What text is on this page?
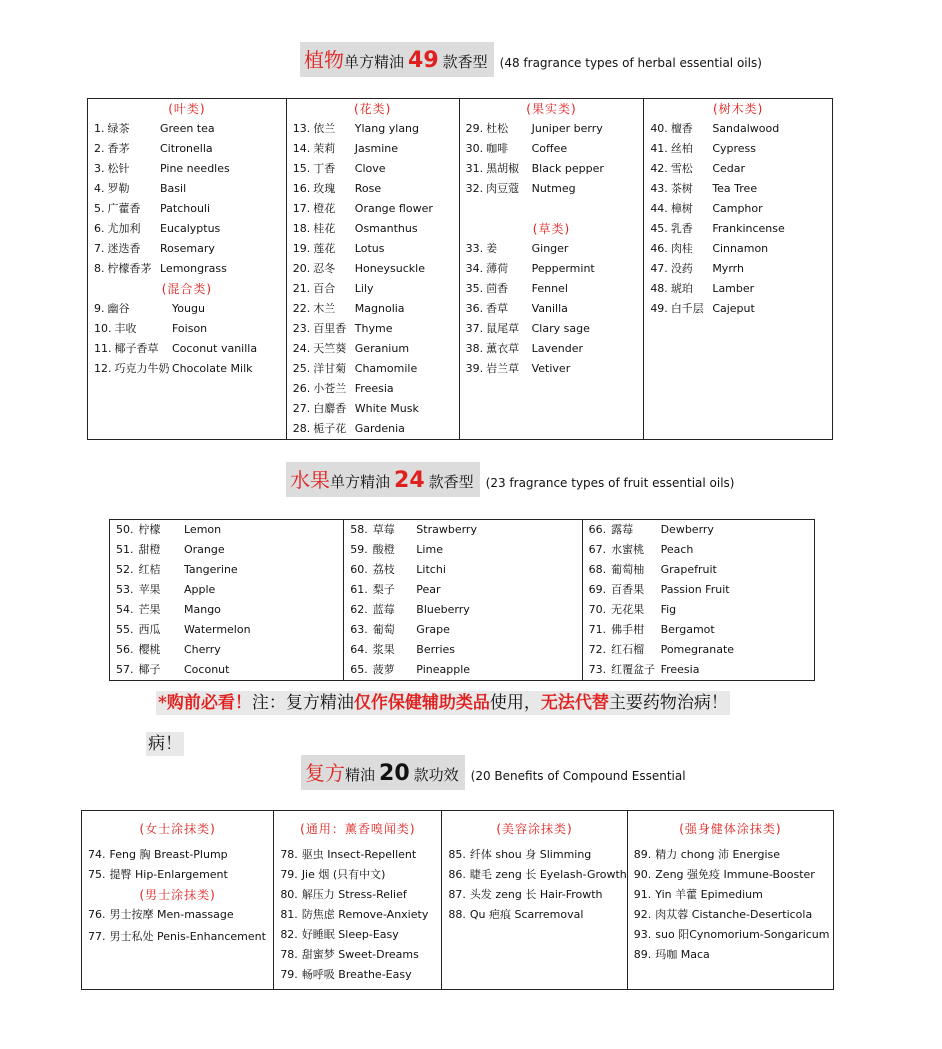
植物单方精油 49 款香型	(48 fragrance types of herbal essential oils)
(叶类)
1. 绿茶	Green tea
2. 香茅	Citronella
3. 松针	Pine needles
4. 罗勒	Basil
5. 广藿香 Patchouli
6. 尤加利 Eucalyptus
7. 迷迭香 Rosemary
8. 柠檬香茅 Lemongrass
(混合类)
9. 幽谷	Yougu
10. 丰收	Foison
11. 椰子香草 Coconut vanilla
12. 巧克力牛奶 Chocolate Milk

(花类)
13. 依兰 Ylang ylang
14. 茉莉 Jasmine
15. 丁香 Clove
16. 玫瑰 Rose
17. 橙花 Orange flower
18. 桂花 Osmanthus
19. 莲花 Lotus
20. 忍冬 Honeysuckle
21. 百合 Lily
22. 木兰 Magnolia
23. 百里香 Thyme
24. 天竺葵 Geranium
25. 洋甘菊 Chamomile
26. 小苍兰 Freesia
27. 白麝香 White Musk
28. 栀子花 Gardenia

(果实类)
29. 杜松 Juniper berry
30. 咖啡 Coffee
31. 黑胡椒 Black pepper
32. 肉豆蔻 Nutmeg
(草类)
33. 姜	Ginger
34. 薄荷 Peppermint
35. 茴香 Fennel
36. 香草 Vanilla
37. 鼠尾草 Clary sage
38. 薰衣草 Lavender
39. 岩兰草 Vetiver

(树木类)
40. 檀香 Sandalwood
41. 丝柏 Cypress
42. 雪松 Cedar
43. 茶树 Tea Tree
44. 樟树 Camphor
45. 乳香 Frankincense
46. 肉桂 Cinnamon
47. 没药 Myrrh
48. 琥珀 Lamber
49. 白千层 Cajeput
水果单方精油 24 款香型	(23 fragrance types of fruit essential oils)
50. 柠檬 Lemon
51. 甜橙 Orange
52. 红桔 Tangerine
53. 苹果 Apple
54. 芒果 Mango
55. 西瓜 Watermelon
56. 樱桃 Cherry
57. 椰子 Coconut

58. 草莓 Strawberry
59. 酸橙 Lime
60. 荔枝 Litchi
61. 梨子 Pear
62. 蓝莓 Blueberry
63. 葡萄 Grape
64. 浆果 Berries
65. 菠萝 Pineapple

66. 露莓	Dewberry
67. 水蜜桃 Peach
68. 葡萄柚 Grapefruit
69. 百香果 Passion Fruit
70. 无花果 Fig
71. 佛手柑 Bergamot
72. 红石榴 Pomegranate
73. 红覆盆子 Freesia
*购前必看！注：复方精油仅作保健辅助类品使用，无法代替主要药物治病！
病！
复方精油 20 款功效	(20 Benefits of Compound Essential
(女士涂抹类)
74. Feng 胸 Breast-Plump
75. 提臀 Hip-Enlargement
(男士涂抹类)
76. 男士按摩 Men-massage
77. 男士私处 Penis-Enhancement

(通用：薰香嗅闻类)
78. 驱虫 Insect-Repellent
79. Jie 烟 (只有中文)
80. 解压力 Stress-Relief
81. 防焦虑 Remove-Anxiety
82. 好睡眠 Sleep-Easy
78. 甜蜜梦 Sweet-Dreams
79. 畅呼吸 Breathe-Easy

(美容涂抹类)
85. 纤体 shou 身 Slimming
86. 睫毛 zeng 长 Eyelash-Growth
87. 头发 zeng 长 Hair-Frowth
88. Qu 疤痕 Scarremoval

(强身健体涂抹类)
89. 精力 chong 沛 Energise
90. Zeng 强免疫 Immune-Booster
91. Yin 羊藿 Epimedium
92. 肉苁蓉 Cistanche-Deserticola
93. suo 阳Cynomorium-Songaricum
89. 玛咖 Maca
